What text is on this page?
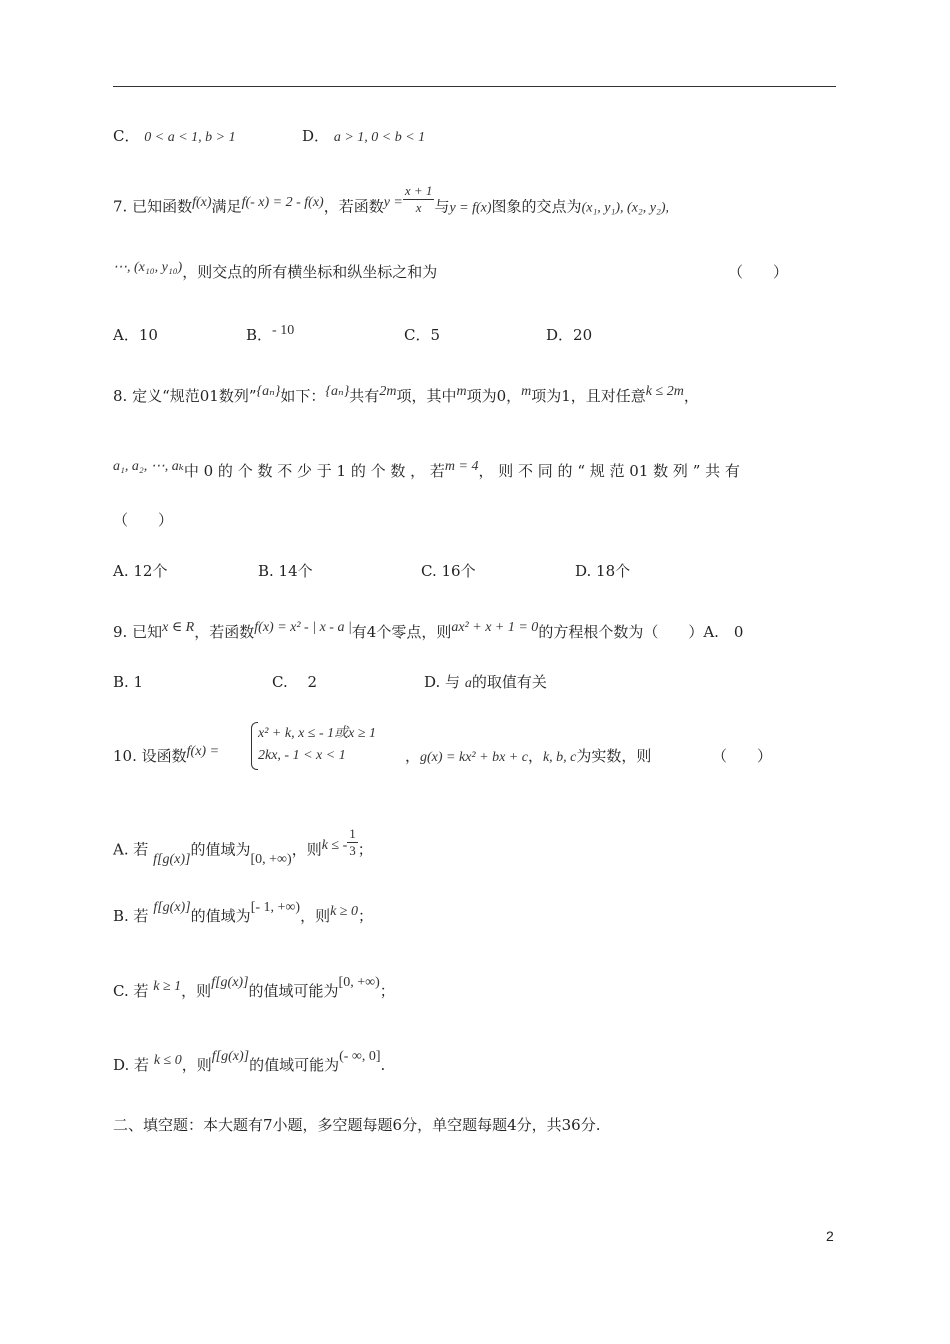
C． 0 < a < 1, b > 1	D． a > 1, 0 < b < 1
7. 已知函数f(x)满足f(- x) = 2 - f(x)，若函数$y = \frac{x + 1}{x}$ 与y = f(x)图象的交点为(x₁, y₁), (x₂, y₂),
⋯, (x₁₀, y₁₀)，则交点的所有横坐标和纵坐标之和为	（　　）
A．10	B．- 10	C．5	D．20
8. 定义“规范01数列”{aₙ}如下：{aₙ}共有2m项，其中m项为0，m项为1，且对任意k ≤ 2m，
a₁, a₂, ⋯, aₖ中 0 的 个 数 不 少 于 1 的 个 数 ， 若m = 4， 则 不 同 的 “ 规 范 01 数 列 ” 共 有
（　　）
A. 12个	B. 14个	C. 16个	D. 18个
9. 已知x ∈ R，若函数f(x) = x² - | x - a |有4个零点，则ax² + x + 1 = 0的方程根个数为（　　）A.　0
B. 1	C.　 2	D. 与 a的取值有关
10. 设函数f(x) =
x² + k, x ≤ - 1或x ≥ 1
2kx, - 1 < x < 1	，g(x) = kx² + bx + c，k, b, c为实数，则	（　　）
A. 若 f[g(x)]的值域为[0, +∞)，则k ≤ - $\frac{1}{3}$ ；
B. 若 f[g(x)]的值域为[- 1, +∞)，则k ≥ 0；
C. 若 k ≥ 1，则f[g(x)]的值域可能为[0, +∞)；
D. 若 k ≤ 0，则f[g(x)]的值域可能为(- ∞, 0].
二、填空题：本大题有7小题，多空题每题6分，单空题每题4分，共36分.
2
